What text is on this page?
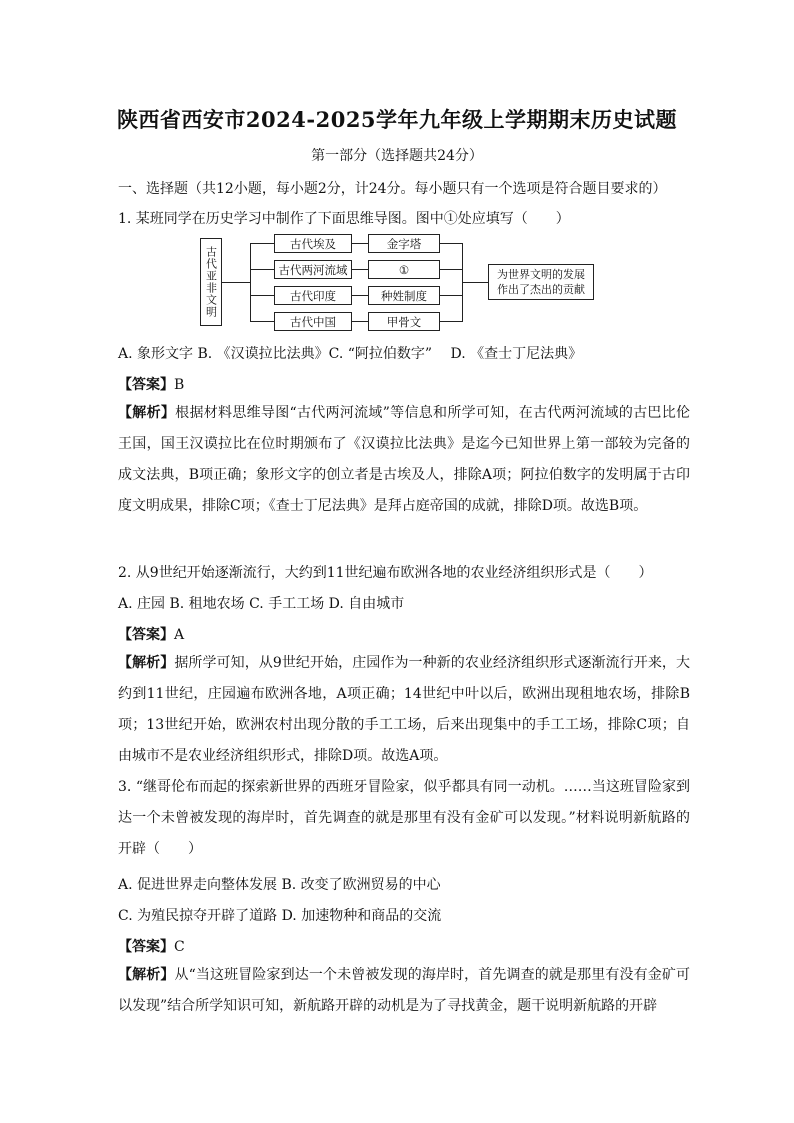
陕西省西安市2024-2025学年九年级上学期期末历史试题
第一部分（选择题共24分）
一、选择题（共12小题，每小题2分，计24分。每小题只有一个选项是符合题目要求的）
1. 某班同学在历史学习中制作了下面思维导图。图中①处应填写（　　）
古代亚非文明
古代埃及
古代两河流域
古代印度
古代中国
金字塔
①
种姓制度
甲骨文
为世界文明的发展作出了杰出的贡献
A. 象形文字 B. 《汉谟拉比法典》C. “阿拉伯数字”　 D. 《查士丁尼法典》
【答案】B
【解析】根据材料思维导图“古代两河流域”等信息和所学可知，在古代两河流域的古巴比伦王国，国王汉谟拉比在位时期颁布了《汉谟拉比法典》是迄今已知世界上第一部较为完备的成文法典，B项正确；象形文字的创立者是古埃及人，排除A项；阿拉伯数字的发明属于古印度文明成果，排除C项；《查士丁尼法典》是拜占庭帝国的成就，排除D项。故选B项。
2. 从9世纪开始逐渐流行，大约到11世纪遍布欧洲各地的农业经济组织形式是（　　）
A. 庄园 B. 租地农场 C. 手工工场 D. 自由城市
【答案】A
【解析】据所学可知，从9世纪开始，庄园作为一种新的农业经济组织形式逐渐流行开来，大约到11世纪，庄园遍布欧洲各地，A项正确；14世纪中叶以后，欧洲出现租地农场，排除B项；13世纪开始，欧洲农村出现分散的手工工场，后来出现集中的手工工场，排除C项；自由城市不是农业经济组织形式，排除D项。故选A项。
3. “继哥伦布而起的探索新世界的西班牙冒险家，似乎都具有同一动机。……当这班冒险家到达一个未曾被发现的海岸时，首先调查的就是那里有没有金矿可以发现。”材料说明新航路的开辟（　　）
A. 促进世界走向整体发展 B. 改变了欧洲贸易的中心
C. 为殖民掠夺开辟了道路 D. 加速物种和商品的交流
【答案】C
【解析】从“当这班冒险家到达一个未曾被发现的海岸时，首先调查的就是那里有没有金矿可以发现”结合所学知识可知，新航路开辟的动机是为了寻找黄金，题干说明新航路的开辟
